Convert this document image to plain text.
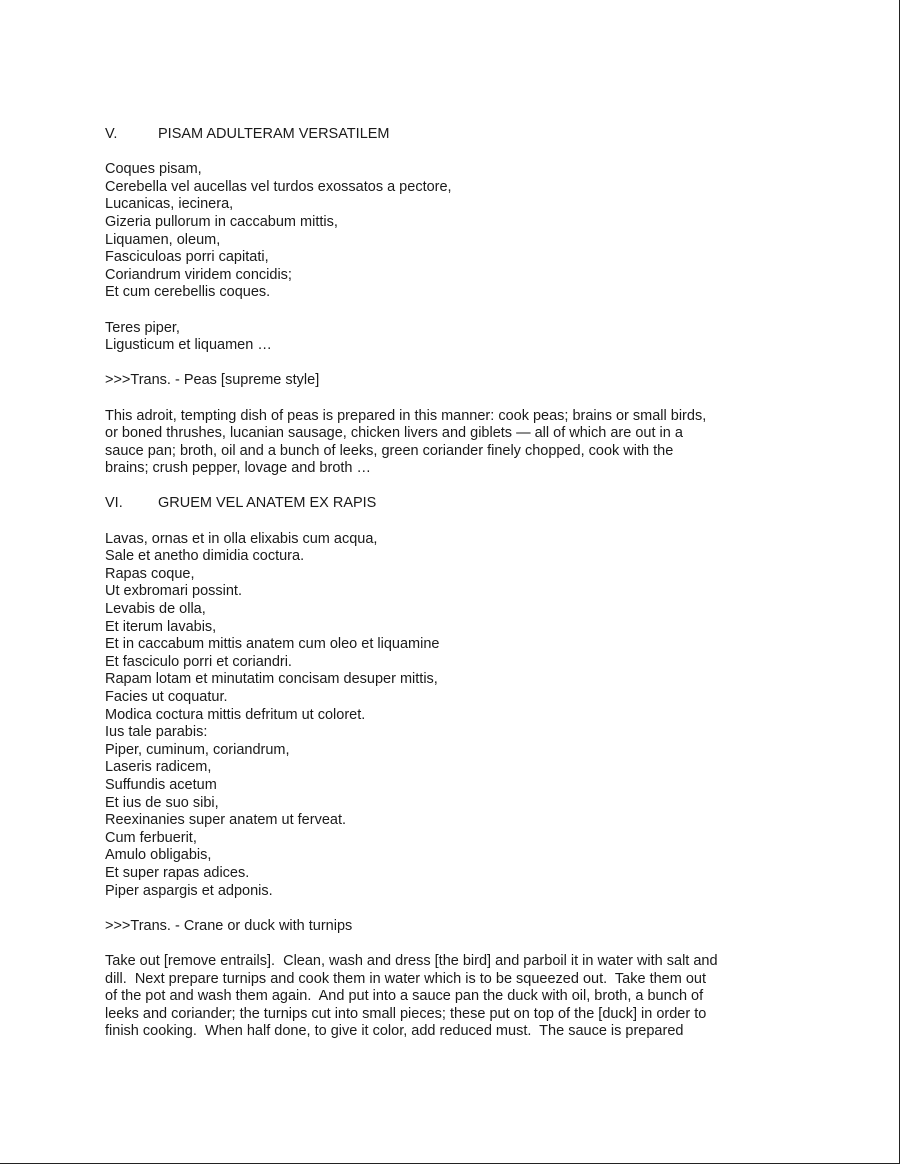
V.	PISAM ADULTERAM VERSATILEM
Coques pisam,
Cerebella vel aucellas vel turdos exossatos a pectore,
Lucanicas, iecinera,
Gizeria pullorum in caccabum mittis,
Liquamen, oleum,
Fasciculoas porri capitati,
Coriandrum viridem concidis;
Et cum cerebellis coques.
Teres piper,
Ligusticum et liquamen …
>>>Trans. - Peas [supreme style]
This adroit, tempting dish of peas is prepared in this manner: cook peas; brains or small birds,
or boned thrushes, lucanian sausage, chicken livers and giblets — all of which are out in a
sauce pan; broth, oil and a bunch of leeks, green coriander finely chopped, cook with the
brains; crush pepper, lovage and broth …
VI.	GRUEM VEL ANATEM EX RAPIS
Lavas, ornas et in olla elixabis cum acqua,
Sale et anetho dimidia coctura.
Rapas coque,
Ut exbromari possint.
Levabis de olla,
Et iterum lavabis,
Et in caccabum mittis anatem cum oleo et liquamine
Et fasciculo porri et coriandri.
Rapam lotam et minutatim concisam desuper mittis,
Facies ut coquatur.
Modica coctura mittis defritum ut coloret.
Ius tale parabis:
Piper, cuminum, coriandrum,
Laseris radicem,
Suffundis acetum
Et ius de suo sibi,
Reexinanies super anatem ut ferveat.
Cum ferbuerit,
Amulo obligabis,
Et super rapas adices.
Piper aspargis et adponis.
>>>Trans. - Crane or duck with turnips
Take out [remove entrails].  Clean, wash and dress [the bird] and parboil it in water with salt and
dill.  Next prepare turnips and cook them in water which is to be squeezed out.  Take them out
of the pot and wash them again.  And put into a sauce pan the duck with oil, broth, a bunch of
leeks and coriander; the turnips cut into small pieces; these put on top of the [duck] in order to
finish cooking.  When half done, to give it color, add reduced must.  The sauce is prepared
